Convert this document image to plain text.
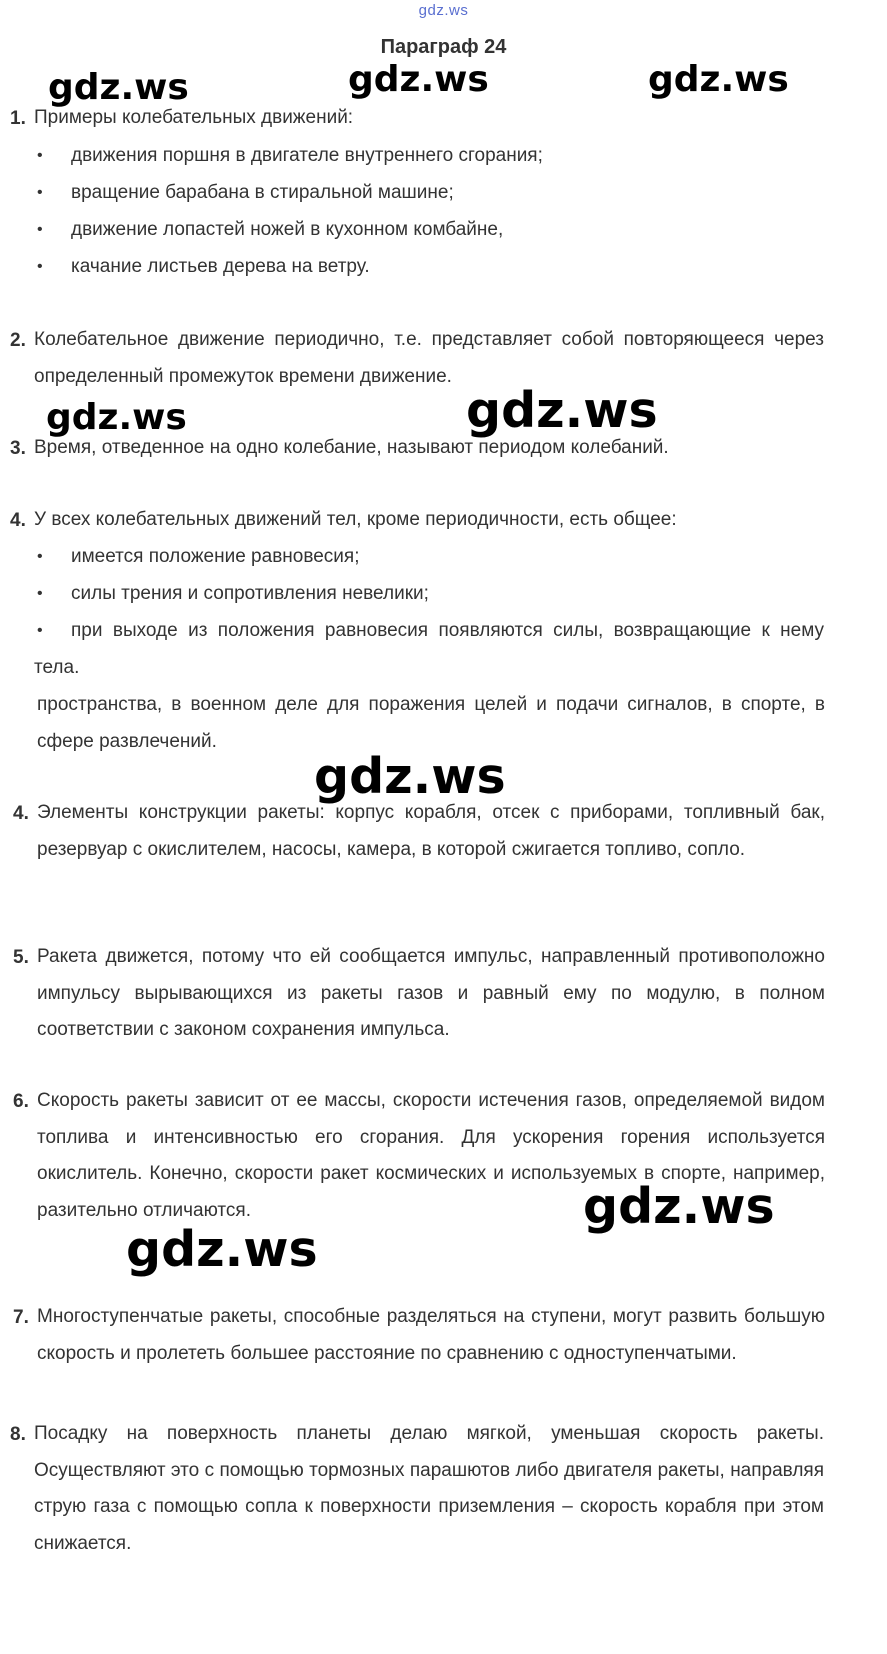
gdz.ws
Параграф 24
gdz.ws	gdz.ws	gdz.ws
gdz.ws	gdz.ws
gdz.ws
gdz.ws
gdz.ws
1. Примеры колебательных движений:
• движения поршня в двигателе внутреннего сгорания;
• вращение барабана в стиральной машине;
• движение лопастей ножей в кухонном комбайне,
• качание листьев дерева на ветру.
2. Колебательное движение периодично, т.е. представляет собой повторяющееся через определенный промежуток времени движение.
3. Время, отведенное на одно колебание, называют периодом колебаний.
4. У всех колебательных движений тел, кроме периодичности, есть общее:
• имеется положение равновесия;
• силы трения и сопротивления невелики;
•	при выходе из положения равновесия появляются силы, возвращающие к нему тела.
пространства, в военном деле для поражения целей и подачи сигналов, в спорте, в сфере развлечений.
4. Элементы конструкции ракеты: корпус корабля, отсек с приборами, топливный бак, резервуар с окислителем, насосы, камера, в которой сжигается топливо, сопло.
5. Ракета движется, потому что ей сообщается импульс, направленный противоположно импульсу вырывающихся из ракеты газов и равный ему по модулю, в полном соответствии с законом сохранения импульса.
6. Скорость ракеты зависит от ее массы, скорости истечения газов, определяемой видом топлива и интенсивностью его сгорания. Для ускорения горения используется окислитель. Конечно, скорости ракет космических и используемых в спорте, например, разительно отличаются.
7. Многоступенчатые ракеты, способные разделяться на ступени, могут развить большую скорость и пролететь большее расстояние по сравнению с одноступенчатыми.
8. Посадку на поверхность планеты делаю мягкой, уменьшая скорость ракеты. Осуществляют это с помощью тормозных парашютов либо двигателя ракеты, направляя струю газа с помощью сопла к поверхности приземления – скорость корабля при этом снижается.
